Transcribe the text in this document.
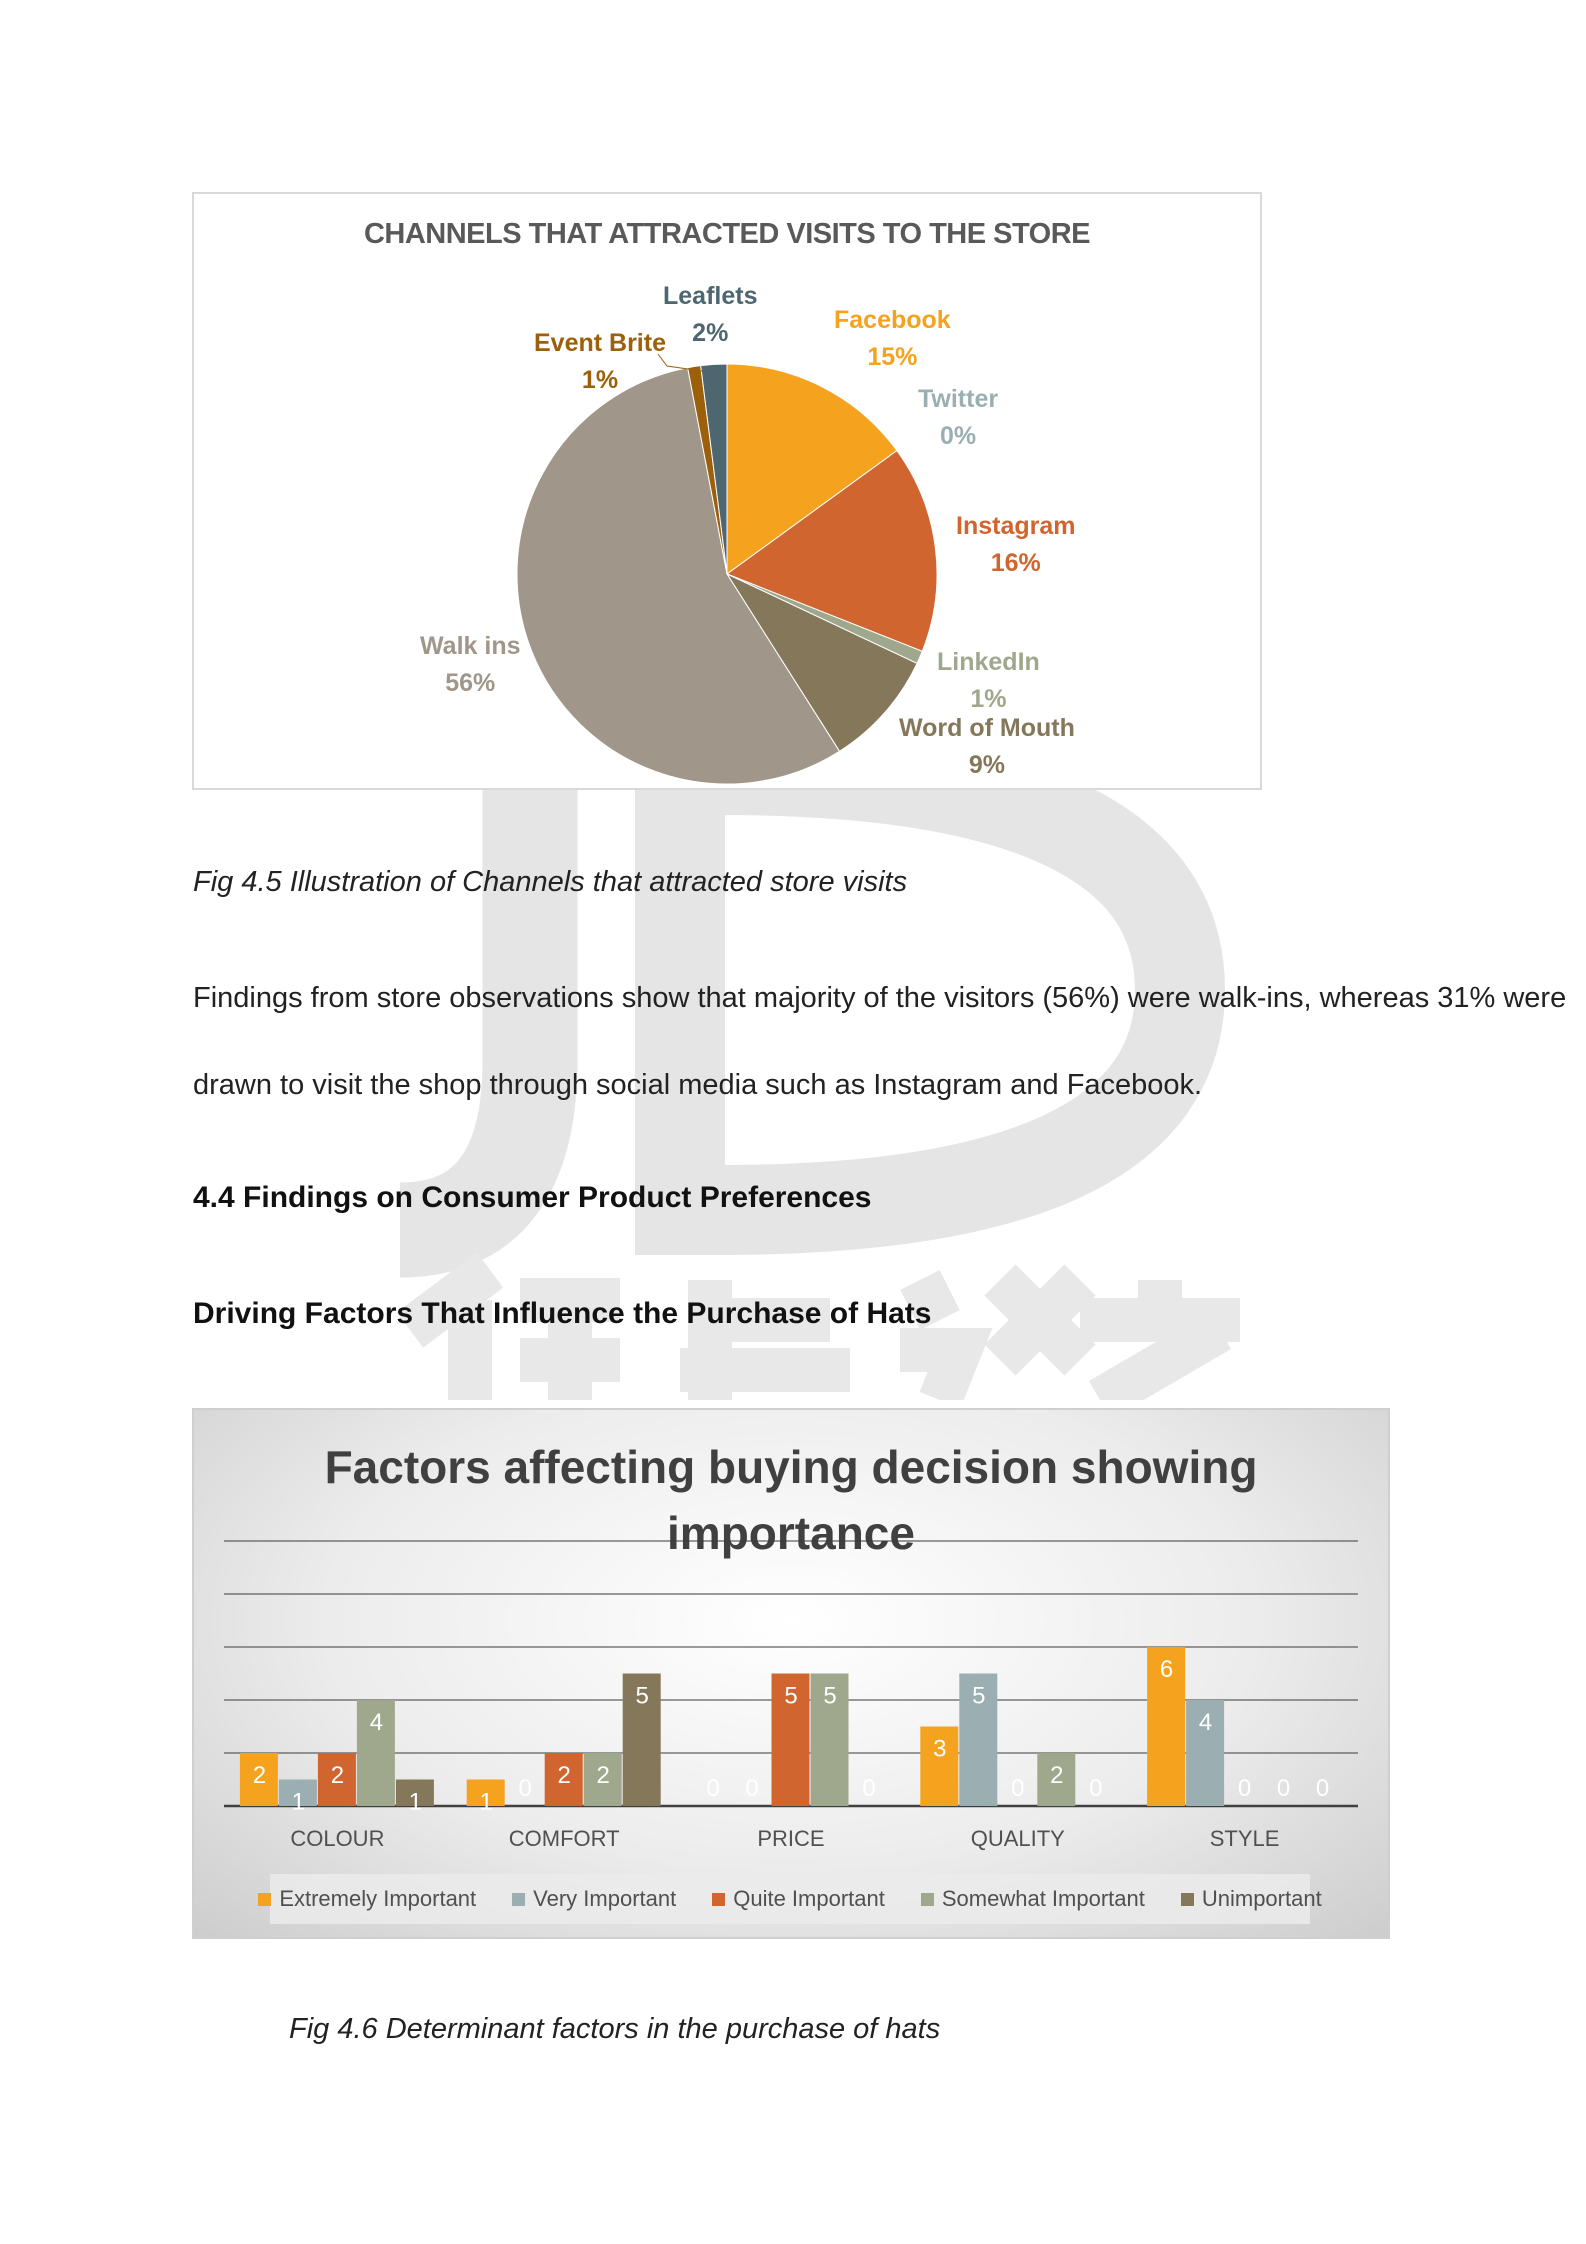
CHANNELS THAT ATTRACTED VISITS TO THE STORE
Facebook
15%
Twitter
0%
Instagram
16%
LinkedIn
1%
Word of Mouth
9%
Walk ins
56%
Event Brite
1%
Leaflets
2%
Fig 4.5 Illustration of Channels that attracted store visits
Findings from store observations show that majority of the visitors (56%) were walk-ins, whereas 31% were
drawn to visit the shop through social media such as Instagram and Facebook.
4.4 Findings on Consumer Product Preferences
Driving Factors That Influence the Purchase of Hats
Factors affecting buying decision showing
importance
2
1
2
4
1
COLOUR
1 0 2 2
5
COMFORT
0 0
5 5
0
PRICE
3
5
0 2 0
QUALITY
6
4
0 0 0
STYLE
Extremely Important	Very Important	Quite Important	Somewhat Important	Unimportant
Fig 4.6 Determinant factors in the purchase of hats
